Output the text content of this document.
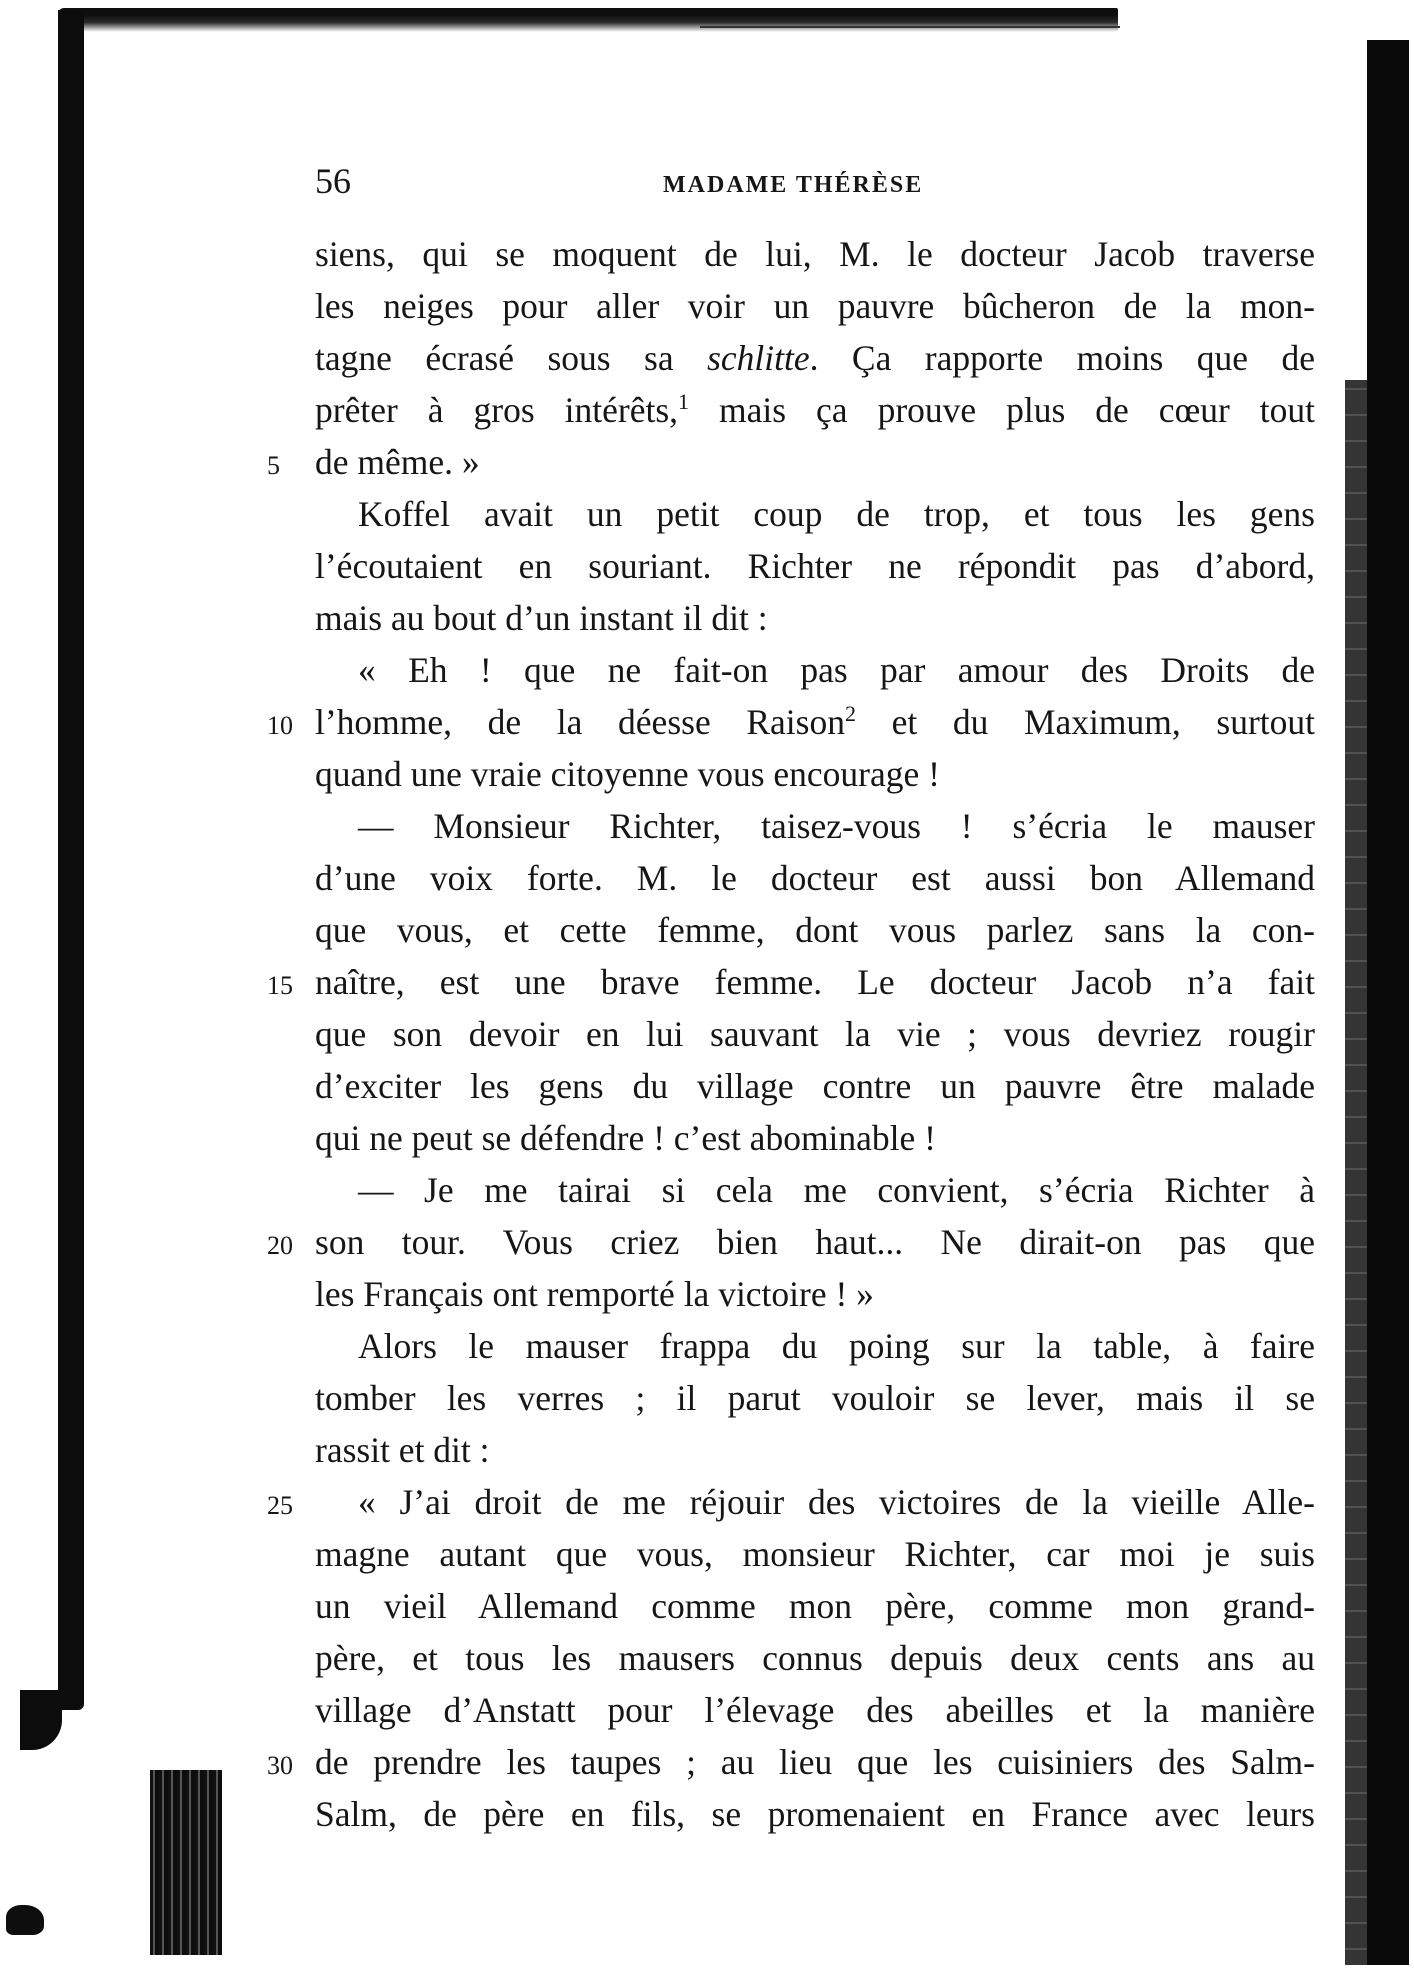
56	MADAME THÉRÈSE
siens, qui se moquent de lui, M. le docteur Jacob traverse
les neiges pour aller voir un pauvre bûcheron de la mon-
tagne écrasé sous sa schlitte. Ça rapporte moins que de
prêter à gros intérêts,$^1$ mais ça prouve plus de cœur tout
5 de même. »
Koffel avait un petit coup de trop, et tous les gens
l’écoutaient en souriant. Richter ne répondit pas d’abord,
mais au bout d’un instant il dit :
« Eh ! que ne fait-on pas par amour des Droits de
10 l’homme, de la déesse Raison$^2$ et du Maximum, surtout
quand une vraie citoyenne vous encourage !
— Monsieur Richter, taisez-vous ! s’écria le mauser
d’une voix forte. M. le docteur est aussi bon Allemand
que vous, et cette femme, dont vous parlez sans la con-
15 naître, est une brave femme. Le docteur Jacob n’a fait
que son devoir en lui sauvant la vie ; vous devriez rougir
d’exciter les gens du village contre un pauvre être malade
qui ne peut se défendre ! c’est abominable !
— Je me tairai si cela me convient, s’écria Richter à
20 son tour. Vous criez bien haut... Ne dirait-on pas que
les Français ont remporté la victoire ! »
Alors le mauser frappa du poing sur la table, à faire
tomber les verres ; il parut vouloir se lever, mais il se
rassit et dit :
25 « J’ai droit de me réjouir des victoires de la vieille Alle-
magne autant que vous, monsieur Richter, car moi je suis
un vieil Allemand comme mon père, comme mon grand-
père, et tous les mausers connus depuis deux cents ans au
village d’Anstatt pour l’élevage des abeilles et la manière
30 de prendre les taupes ; au lieu que les cuisiniers des Salm-
Salm, de père en fils, se promenaient en France avec leurs
